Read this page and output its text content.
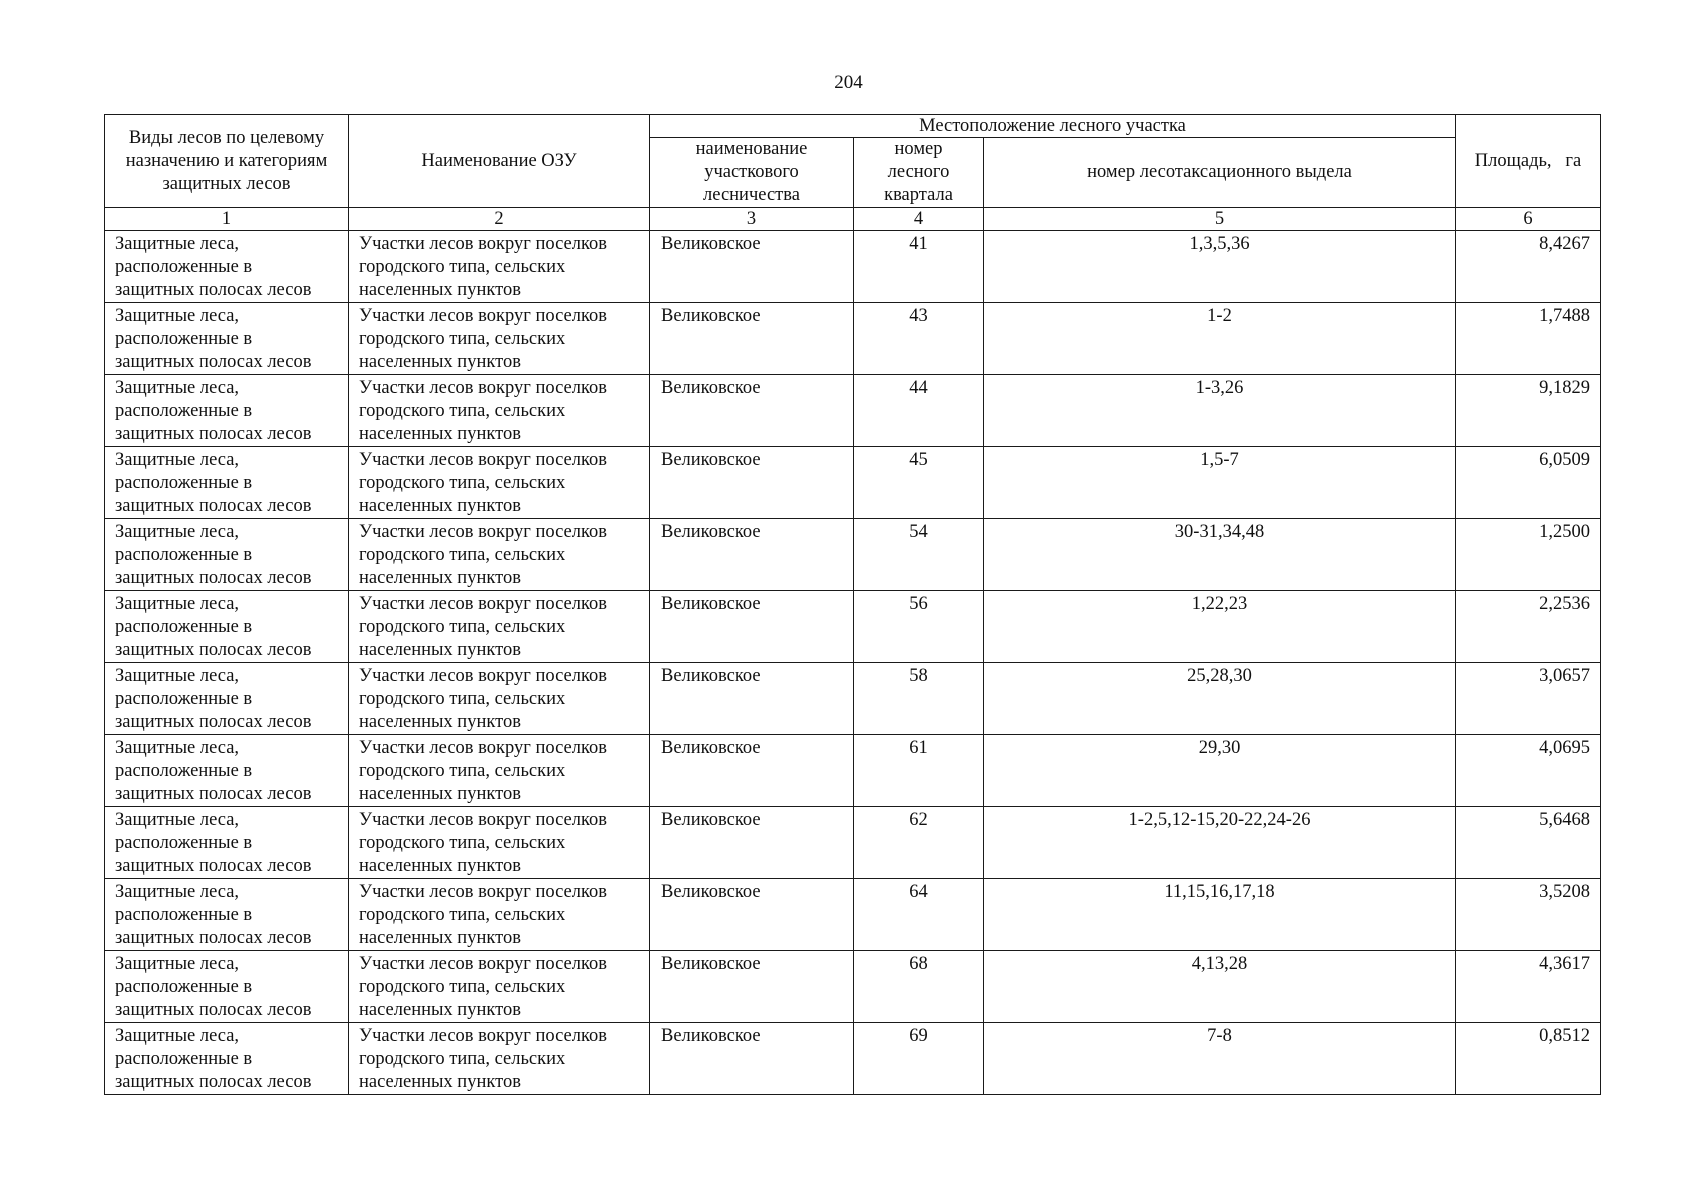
204
Виды лесов по целевому
назначению и категориям
защитных лесов	Наименование ОЗУ	Местоположение лесного участка			Площадь,   га

		наименование
участкового
лесничества	номер
лесного
квартала	номер лесотаксационного выдела	
1	2	3	4	5	6

Защитные леса,
расположенные в
защитных полосах лесов	Участки лесов вокруг поселков
городского типа, сельских
населенных пунктов	Великовское	41	1,3,5,36	8,4267

Защитные леса,
расположенные в
защитных полосах лесов	Участки лесов вокруг поселков
городского типа, сельских
населенных пунктов	Великовское	43	1-2	1,7488

Защитные леса,
расположенные в
защитных полосах лесов	Участки лесов вокруг поселков
городского типа, сельских
населенных пунктов	Великовское	44	1-3,26	9,1829

Защитные леса,
расположенные в
защитных полосах лесов	Участки лесов вокруг поселков
городского типа, сельских
населенных пунктов	Великовское	45	1,5-7	6,0509

Защитные леса,
расположенные в
защитных полосах лесов	Участки лесов вокруг поселков
городского типа, сельских
населенных пунктов	Великовское	54	30-31,34,48	1,2500

Защитные леса,
расположенные в
защитных полосах лесов	Участки лесов вокруг поселков
городского типа, сельских
населенных пунктов	Великовское	56	1,22,23	2,2536

Защитные леса,
расположенные в
защитных полосах лесов	Участки лесов вокруг поселков
городского типа, сельских
населенных пунктов	Великовское	58	25,28,30	3,0657

Защитные леса,
расположенные в
защитных полосах лесов	Участки лесов вокруг поселков
городского типа, сельских
населенных пунктов	Великовское	61	29,30	4,0695

Защитные леса,
расположенные в
защитных полосах лесов	Участки лесов вокруг поселков
городского типа, сельских
населенных пунктов	Великовское	62	1-2,5,12-15,20-22,24-26	5,6468

Защитные леса,
расположенные в
защитных полосах лесов	Участки лесов вокруг поселков
городского типа, сельских
населенных пунктов	Великовское	64	11,15,16,17,18	3,5208

Защитные леса,
расположенные в
защитных полосах лесов	Участки лесов вокруг поселков
городского типа, сельских
населенных пунктов	Великовское	68	4,13,28	4,3617

Защитные леса,
расположенные в
защитных полосах лесов	Участки лесов вокруг поселков
городского типа, сельских
населенных пунктов	Великовское	69	7-8	0,8512
